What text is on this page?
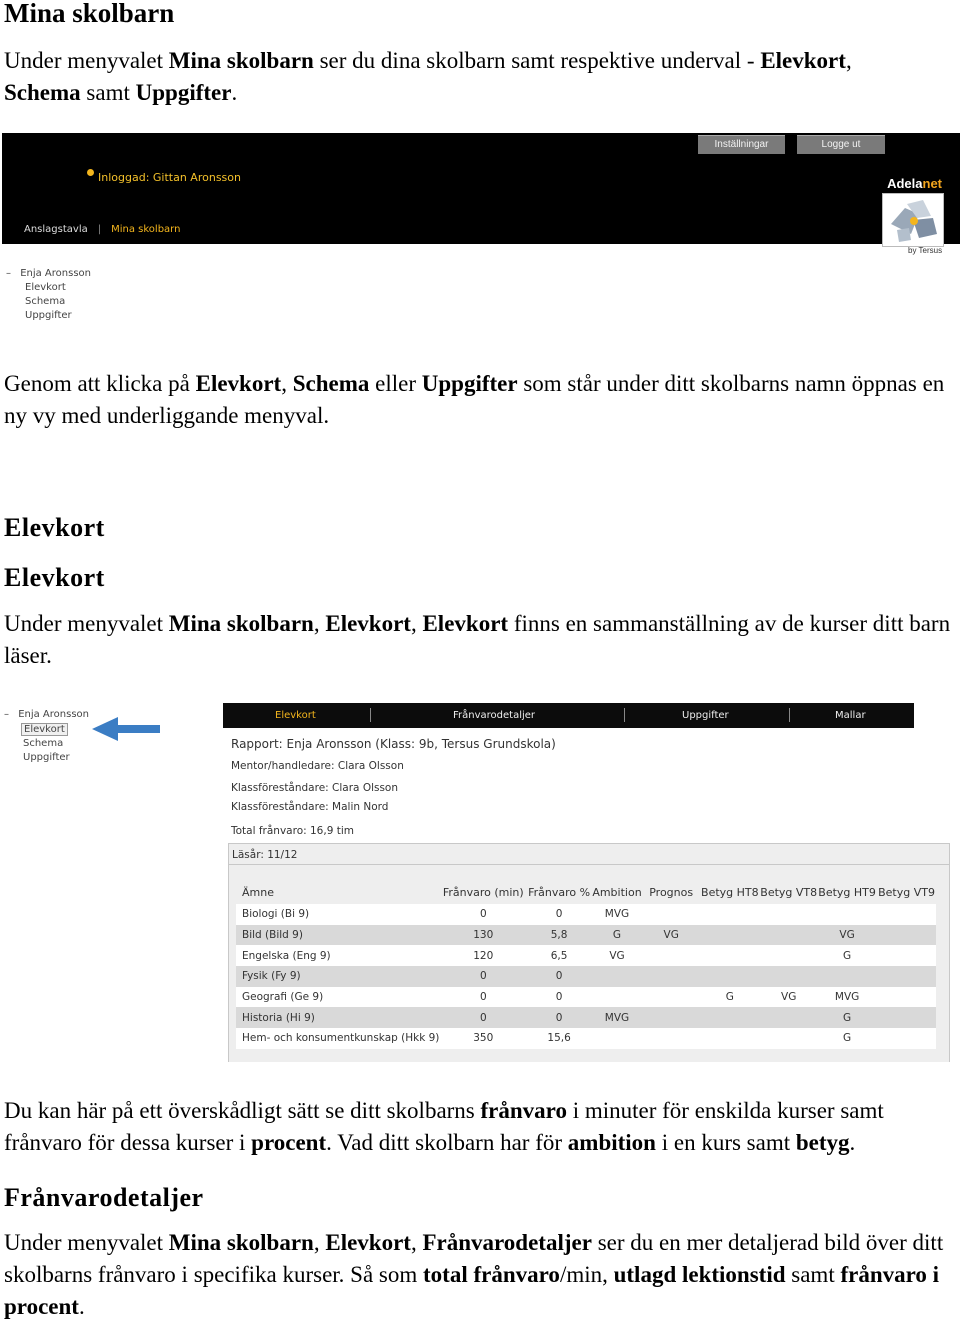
Mina skolbarn
Under menyvalet Mina skolbarn ser du dina skolbarn samt respektive underval - Elevkort,
Schema samt Uppgifter.
Inställningar	Logge ut
Inloggad: Gittan Aronsson
Anslagstavla | Mina skolbarn
Adelanet
by Tersus
– Enja Aronsson
Elevkort
Schema
Uppgifter
Genom att klicka på Elevkort, Schema eller Uppgifter som står under ditt skolbarns namn öppnas en ny vy med underliggande menyval.
Elevkort
Elevkort
Under menyvalet Mina skolbarn, Elevkort, Elevkort finns en sammanställning av de kurser ditt barn läser.
– Enja Aronsson
Elevkort
Schema
Uppgifter
Elevkort	Frånvarodetaljer	Uppgifter	Mallar
Rapport: Enja Aronsson (Klass: 9b, Tersus Grundskola)
Mentor/handledare: Clara Olsson
Klassföreståndare: Clara Olsson
Klassföreståndare: Malin Nord
Total frånvaro: 16,9 tim
Läsår: 11/12
Ämne	Frånvaro (min)	Frånvaro %	Ambition	Prognos	Betyg HT8	Betyg VT8	Betyg HT9	Betyg VT9
Biologi (Bi 9)	0	0	MVG					
Bild (Bild 9)	130	5,8	G	VG			VG	
Engelska (Eng 9)	120	6,5	VG				G	
Fysik (Fy 9)	0	0						
Geografi (Ge 9)	0	0			G	VG	MVG	
Historia (Hi 9)	0	0	MVG				G	
Hem- och konsumentkunskap (Hkk 9)	350	15,6					G	
Du kan här på ett överskådligt sätt se ditt skolbarns frånvaro i minuter för enskilda kurser samt frånvaro för dessa kurser i procent. Vad ditt skolbarn har för ambition i en kurs samt betyg.
Frånvarodetaljer
Under menyvalet Mina skolbarn, Elevkort, Frånvarodetaljer ser du en mer detaljerad bild över ditt skolbarns frånvaro i specifika kurser. Så som total frånvaro/min, utlagd lektionstid samt frånvaro i procent.
